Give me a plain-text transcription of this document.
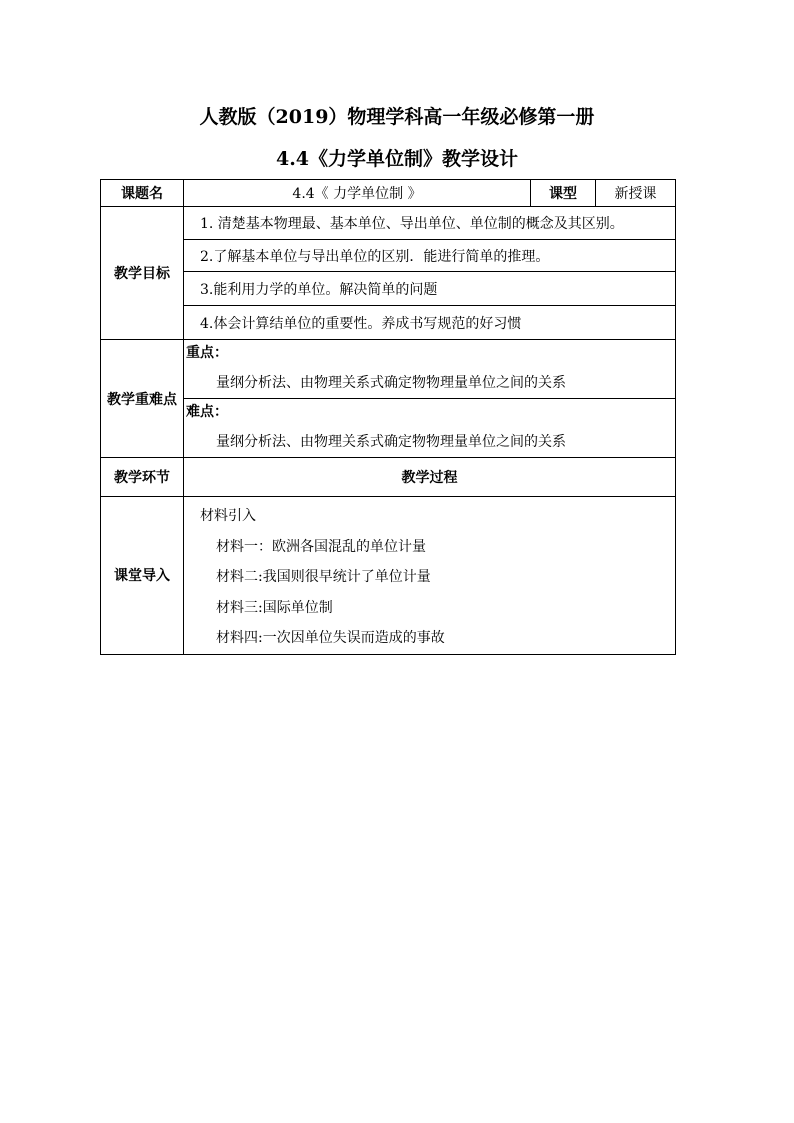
人教版（2019）物理学科高一年级必修第一册
4.4《力学单位制》教学设计
课题名	4.4《 力学单位制 》	课型	新授课
教学目标	1. 清楚基本物理最、基本单位、导出单位、单位制的概念及其区别。		
	2.了解基本单位与导出单位的区别．能进行简单的推理。		
	3.能利用力学的单位。解决简单的问题		
	4.体会计算结单位的重要性。养成书写规范的好习惯		
教学重难点	重点：
量纲分析法、由物理关系式确定物物理量单位之间的关系		

	难点：
量纲分析法、由物理关系式确定物物理量单位之间的关系		

教学环节	教学过程		
课堂导入	材料引入
材料一：欧洲各国混乱的单位计量
材料二:我国则很早统计了单位计量
材料三:国际单位制
材料四:一次因单位失误而造成的事故		
